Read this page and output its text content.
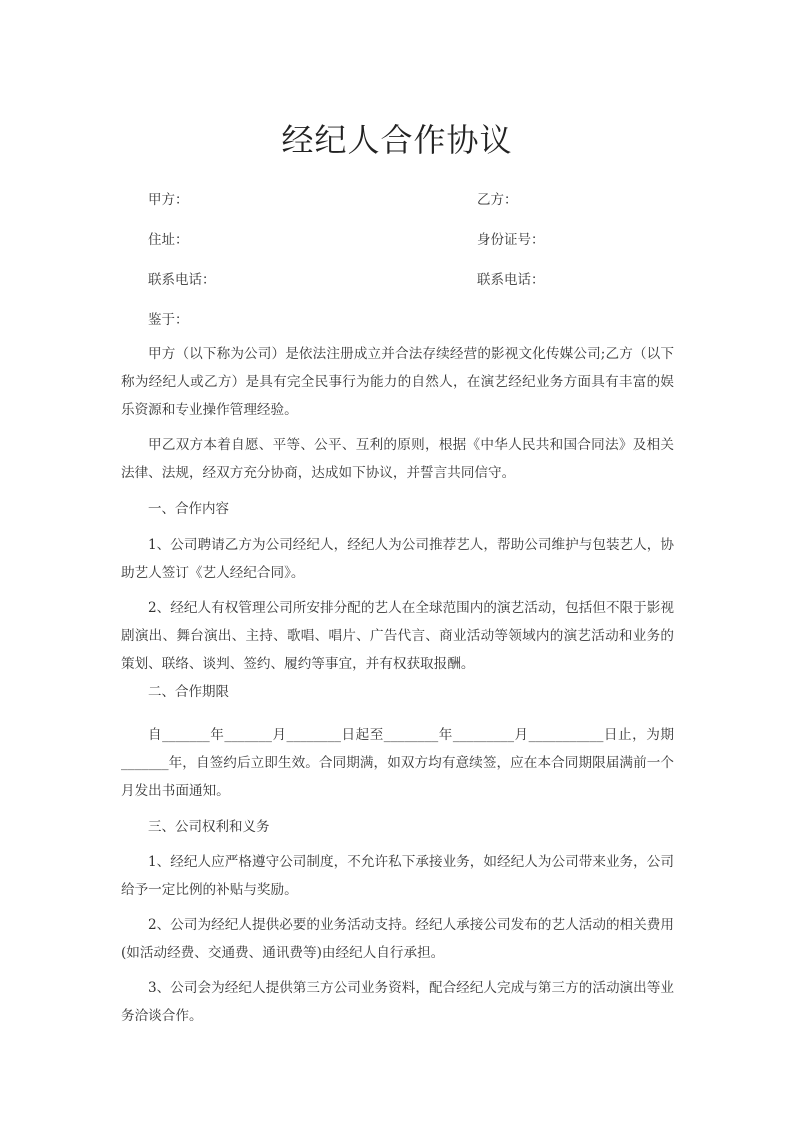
经纪人合作协议
甲方：	乙方：
住址：	身份证号：
联系电话：	联系电话：
鉴于：
甲方（以下称为公司）是依法注册成立并合法存续经营的影视文化传媒公司;乙方（以下称为经纪人或乙方）是具有完全民事行为能力的自然人，在演艺经纪业务方面具有丰富的娱乐资源和专业操作管理经验。
甲乙双方本着自愿、平等、公平、互利的原则，根据《中华人民共和国合同法》及相关法律、法规，经双方充分协商，达成如下协议，并誓言共同信守。
一、合作内容
1、公司聘请乙方为公司经纪人，经纪人为公司推荐艺人，帮助公司维护与包装艺人，协助艺人签订《艺人经纪合同》。
2、经纪人有权管理公司所安排分配的艺人在全球范围内的演艺活动，包括但不限于影视剧演出、舞台演出、主持、歌唱、唱片、广告代言、商业活动等领域内的演艺活动和业务的策划、联络、谈判、签约、履约等事宜，并有权获取报酬。
二、合作期限
自_______年_______月________日起至________年_________月___________日止，为期_______年，自签约后立即生效。合同期满，如双方均有意续签，应在本合同期限届满前一个月发出书面通知。
三、公司权利和义务
1、经纪人应严格遵守公司制度，不允许私下承接业务，如经纪人为公司带来业务，公司给予一定比例的补贴与奖励。
2、公司为经纪人提供必要的业务活动支持。经纪人承接公司发布的艺人活动的相关费用(如活动经费、交通费、通讯费等)由经纪人自行承担。
3、公司会为经纪人提供第三方公司业务资料，配合经纪人完成与第三方的活动演出等业务洽谈合作。
